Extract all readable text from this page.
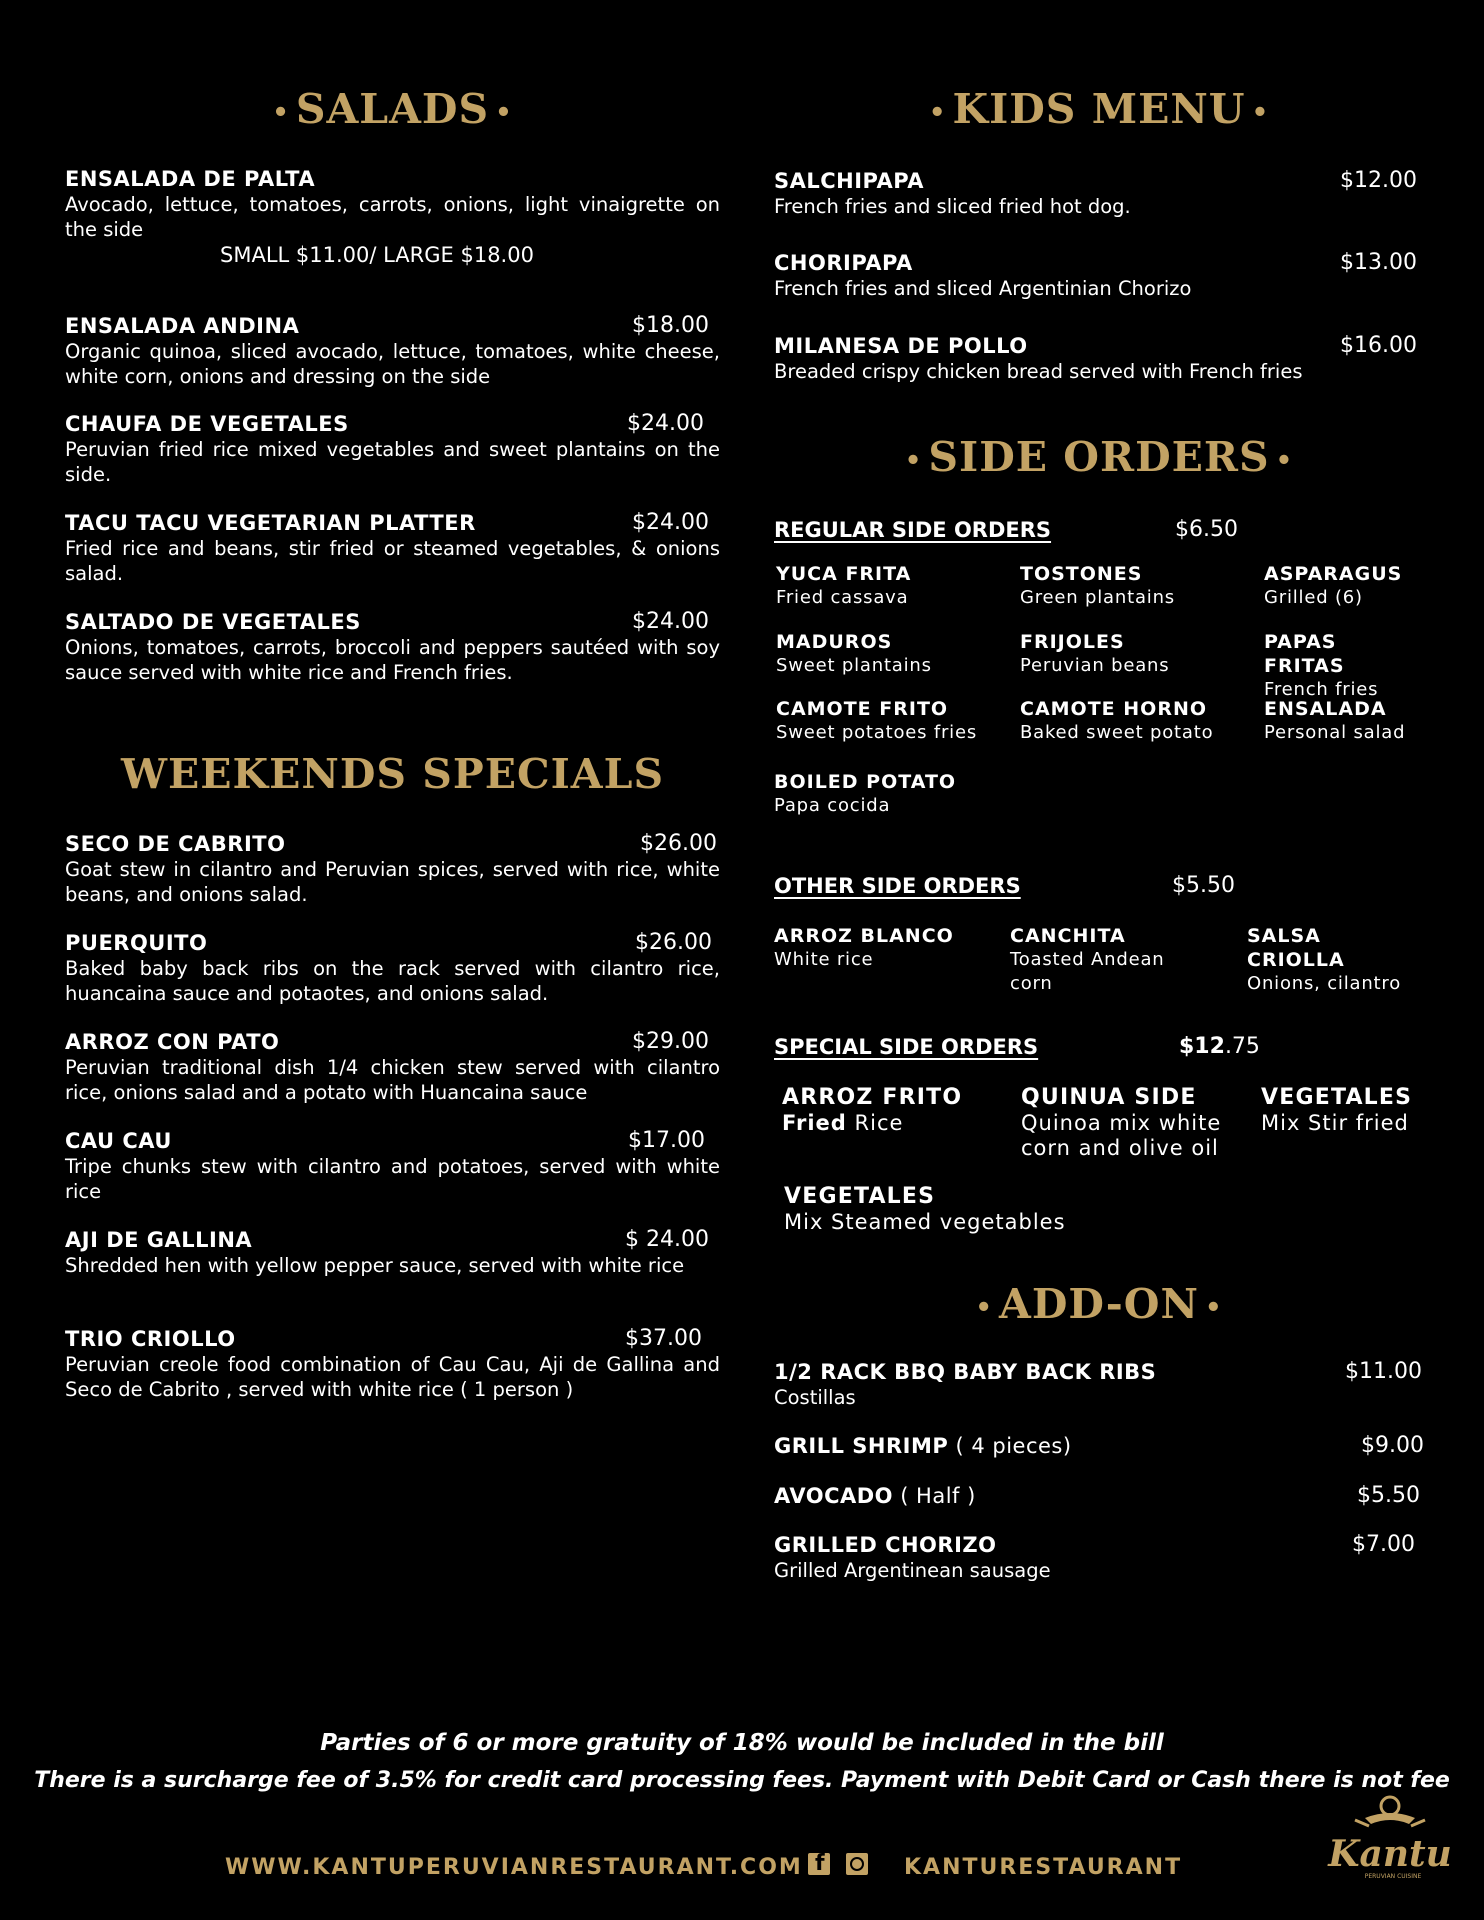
• SALADS •
ENSALADA DE PALTA
Avocado, lettuce, tomatoes, carrots, onions, light vinaigrette on the side
SMALL $11.00/ LARGE $18.00
ENSALADA ANDINA	$18.00
Organic quinoa, sliced avocado, lettuce, tomatoes, white cheese, white corn, onions and dressing on the side
CHAUFA DE VEGETALES	$24.00
Peruvian fried rice mixed vegetables and sweet plantains on the side.
TACU TACU VEGETARIAN PLATTER	$24.00
Fried rice and beans, stir fried or steamed vegetables, & onions salad.
SALTADO DE VEGETALES	$24.00
Onions, tomatoes, carrots, broccoli and peppers sautéed with soy sauce served with white rice and French fries.
WEEKENDS SPECIALS
SECO DE CABRITO	$26.00
Goat stew in cilantro and Peruvian spices, served with rice, white beans, and onions salad.
PUERQUITO	$26.00
Baked baby back ribs on the rack served with cilantro rice, huancaina sauce and potaotes, and onions salad.
ARROZ CON PATO	$29.00
Peruvian traditional dish 1/4 chicken stew served with cilantro rice, onions salad and a potato with Huancaina sauce
CAU CAU	$17.00
Tripe chunks stew with cilantro and potatoes, served with white rice
AJI DE GALLINA	$ 24.00
Shredded hen with yellow pepper sauce, served with white rice
TRIO CRIOLLO	$37.00
Peruvian creole food combination of Cau Cau, Aji de Gallina and Seco de Cabrito , served with white rice ( 1 person )
• KIDS MENU •
SALCHIPAPA	$12.00
French fries and sliced fried hot dog.
CHORIPAPA	$13.00
French fries and sliced Argentinian Chorizo
MILANESA DE POLLO	$16.00
Breaded crispy chicken bread served with French fries
• SIDE ORDERS •
REGULAR SIDE ORDERS	$6.50
YUCA FRITA
Fried cassava
TOSTONES
Green plantains
ASPARAGUS
Grilled (6)
MADUROS
Sweet plantains
FRIJOLES
Peruvian beans
PAPAS FRITAS
French fries
CAMOTE FRITO
Sweet potatoes fries
CAMOTE HORNO
Baked sweet potato
ENSALADA
Personal salad
BOILED POTATO
Papa cocida
OTHER SIDE ORDERS	$5.50
ARROZ BLANCO
White rice
CANCHITA
Toasted Andean corn
SALSA CRIOLLA
Onions, cilantro
SPECIAL SIDE ORDERS	$12.75
ARROZ FRITO
Fried Rice
QUINUA SIDE
Quinoa mix white corn and olive oil
VEGETALES
Mix Stir fried
VEGETALES
Mix Steamed vegetables
• ADD-ON •
1/2 RACK BBQ BABY BACK RIBS	$11.00
Costillas
GRILL SHRIMP ( 4 pieces)	$9.00
AVOCADO ( Half )	$5.50
GRILLED CHORIZO	$7.00
Grilled Argentinean sausage
Parties of 6 or more gratuity of 18% would be included in the bill
There is a surcharge fee of 3.5% for credit card processing fees. Payment with Debit Card or Cash there is not fee
WWW.KANTUPERUVIANRESTAURANT.COM f	KANTURESTAURANT	Kantu
PERUVIAN CUISINE
